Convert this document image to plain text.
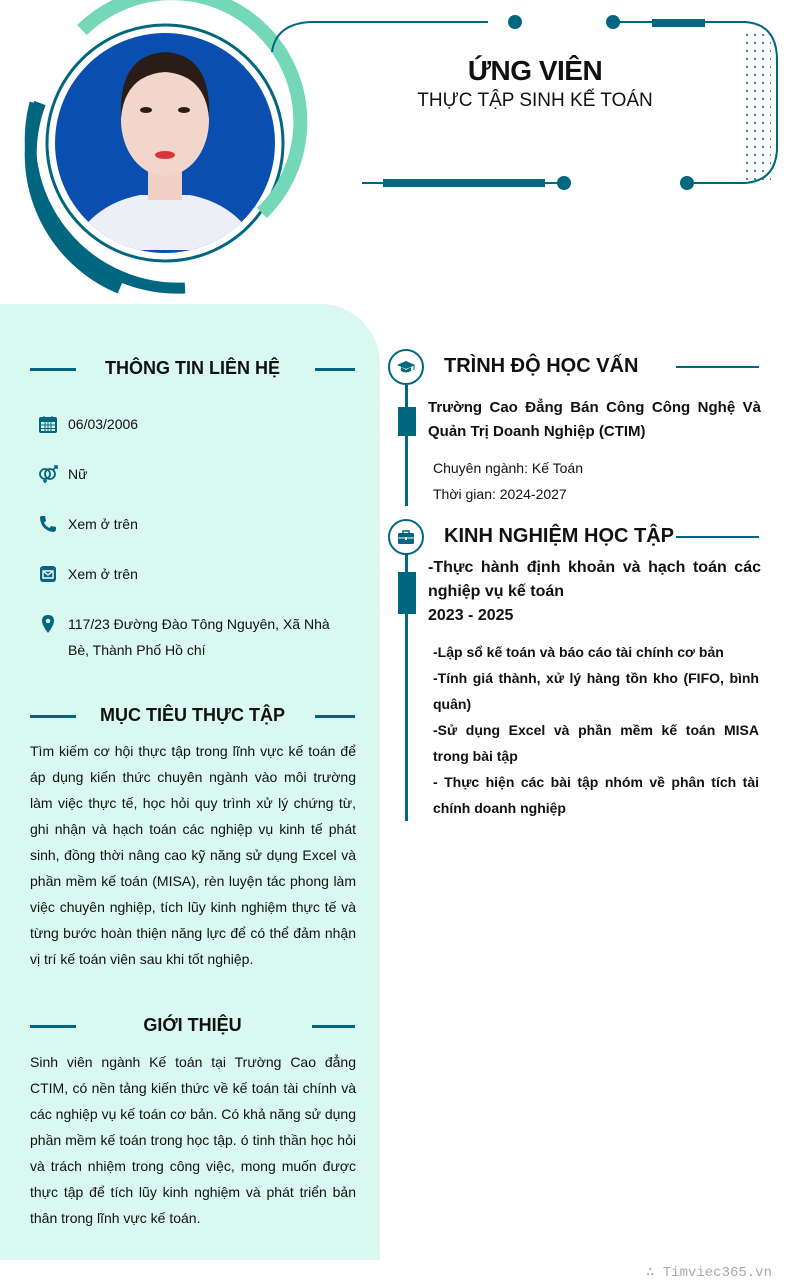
ỨNG VIÊN
THỰC TẬP SINH KẾ TOÁN
THÔNG TIN LIÊN HỆ
06/03/2006
Nữ
Xem ở trên
Xem ở trên
117/23 Đường Đào Tông Nguyên, Xã Nhà Bè, Thành Phố Hồ chí
MỤC TIÊU THỰC TẬP
Tìm kiếm cơ hội thực tập trong lĩnh vực kế toán để áp dụng kiến thức chuyên ngành vào môi trường làm việc thực tế, học hỏi quy trình xử lý chứng từ, ghi nhận và hạch toán các nghiệp vụ kinh tế phát sinh, đồng thời nâng cao kỹ năng sử dụng Excel và phần mềm kế toán (MISA), rèn luyện tác phong làm việc chuyên nghiệp, tích lũy kinh nghiệm thực tế và từng bước hoàn thiện năng lực để có thể đảm nhận vị trí kế toán viên sau khi tốt nghiệp.
GIỚI THIỆU
Sinh viên ngành Kế toán tại Trường Cao đẳng CTIM, có nền tảng kiến thức về kế toán tài chính và các nghiệp vụ kế toán cơ bản. Có khả năng sử dụng phần mềm kế toán trong học tập. ó tinh thần học hỏi và trách nhiệm trong công việc, mong muốn được thực tập để tích lũy kinh nghiệm và phát triển bản thân trong lĩnh vực kế toán.
TRÌNH ĐỘ HỌC VẤN
Trường Cao Đẳng Bán Công Công Nghệ Và Quản Trị Doanh Nghiệp (CTIM)
Chuyên ngành: Kế Toán
Thời gian: 2024-2027
KINH NGHIỆM HỌC TẬP
-Thực hành định khoản và hạch toán các nghiệp vụ kế toán
2023 - 2025
-Lập sổ kế toán và báo cáo tài chính cơ bản
-Tính giá thành, xử lý hàng tồn kho (FIFO, bình quân)
-Sử dụng Excel và phần mềm kế toán MISA trong bài tập
- Thực hiện các bài tập nhóm về phân tích tài chính doanh nghiệp
∴ Timviec365.vn
